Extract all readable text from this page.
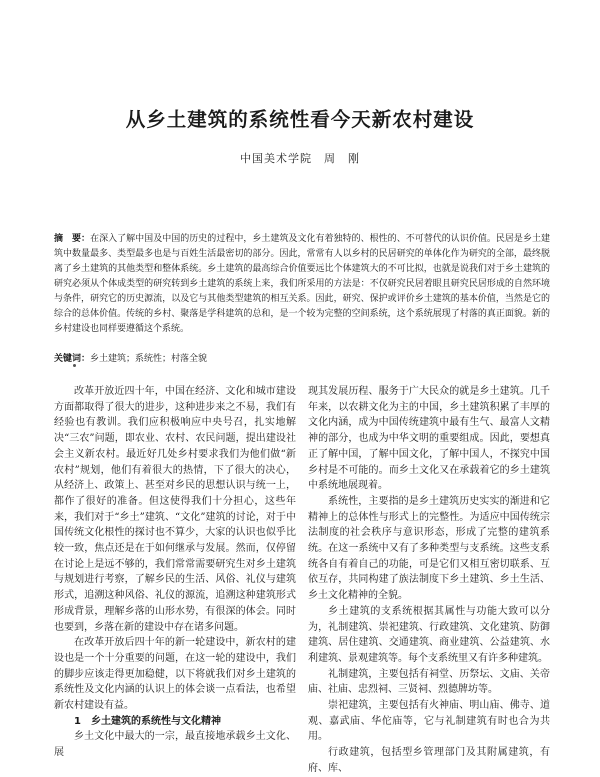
从乡土建筑的系统性看今天新农村建设
中国美术学院　周　刚

摘　要：在深入了解中国及中国的历史的过程中，乡土建筑及文化有着独特的、根性的、不可替代的认识价值。民居是乡土建筑中数量最多、类型最多也是与百姓生活最密切的部分。因此，常常有人以乡村的民居研究的单体化作为研究的全部，最终脱离了乡土建筑的其他类型和整体系统。乡土建筑的最高综合价值要远比个体建筑大的不可比拟，也就是说我们对于乡土建筑的研究必须从个体成类型的研究转到乡土建筑的系统上来，我们所采用的方法是：不仅研究民居着眼且研究民居形成的自然环境与条件，研究它的历史源流，以及它与其他类型建筑的相互关系。因此，研究、保护或评价乡土建筑的基本价值，当然是它的综合的总体价值。传统的乡村、聚落是学科建筑的总和，是一个较为完整的空间系统，这个系统展现了村落的真正面貌。新的乡村建设也同样要遵循这个系统。

关键词：乡土建筑；系统性；村落全貌

改革开放近四十年，中国在经济、文化和城市建设方面都取得了很大的进步，这种进步来之不易，我们有经验也有教训。我们应积极响应中央号召，扎实地解决“三农”问题，即农业、农村、农民问题，提出建设社会主义新农村。最近好几处乡村要求我们为他们做“新农村”规划，他们有着很大的热情，下了很大的决心，从经济上、政策上、甚至对乡民的思想认识与统一上，都作了很好的准备。但这使得我们十分担心，这些年来，我们对于“乡土”建筑、“文化”建筑的讨论，对于中国传统文化根性的探讨也不算少，大家的认识也似乎比较一致，焦点还是在于如何继承与发展。然而，仅停留在讨论上是远不够的，我们常常需要研究生对乡土建筑与规划进行考察，了解乡民的生活、风俗、礼仪与建筑形式，追溯这种风俗、礼仪的源流，追溯这种建筑形式形成背景，理解乡落的山形水势，有很深的体会。同时也要到，乡落在新的建设中存在诸多问题。

在改革开放后四十年的新一轮建设中，新农村的建设也是一个十分重要的问题，在这一轮的建设中，我们的脚步应该走得更加稳健，以下将就我们对乡土建筑的系统性及文化内涵的认识上的体会谈一点看法，也希望新农村建设有益。

1　乡土建筑的系统性与文化精神

乡土文化中最大的一宗，最直接地承载乡土文化、展

现其发展历程、服务于广大民众的就是乡土建筑。几千年来，以农耕文化为主的中国，乡土建筑积累了丰厚的文化内涵，成为中国传统建筑中最有生气、最富人文精神的部分，也成为中华文明的重要组成。因此，要想真正了解中国，了解中国文化，了解中国人，不探究中国乡村是不可能的。而乡土文化又在承载着它的乡土建筑中系统地展现着。

系统性，主要指的是乡土建筑历史实实的渐进和它精神上的总体性与形式上的完整性。为适应中国传统宗法制度的社会秩序与意识形态，形成了完整的建筑系统。在这一系统中又有了多种类型与支系统。这些支系统各自有着自己的功能，可是它们又相互密切联系、互依互存，共同构建了族法制度下乡土建筑、乡土生活、乡土文化精神的全貌。

乡土建筑的支系统根据其属性与功能大致可以分为，礼制建筑、崇祀建筑、行政建筑、文化建筑、防御建筑、居住建筑、交通建筑、商业建筑、公益建筑、水利建筑、景观建筑等。每个支系统里又有许多种建筑。

礼制建筑，主要包括有祠堂、历祭坛、文庙、关帝庙、社庙、忠烈祠、三贤祠、烈德牌坊等。

崇祀建筑，主要包括有火神庙、明山庙、佛寺、道观、嘉武庙、华佗庙等，它与礼制建筑有时也合为共用。

行政建筑，包括型乡管理部门及其附属建筑，有府、库、
